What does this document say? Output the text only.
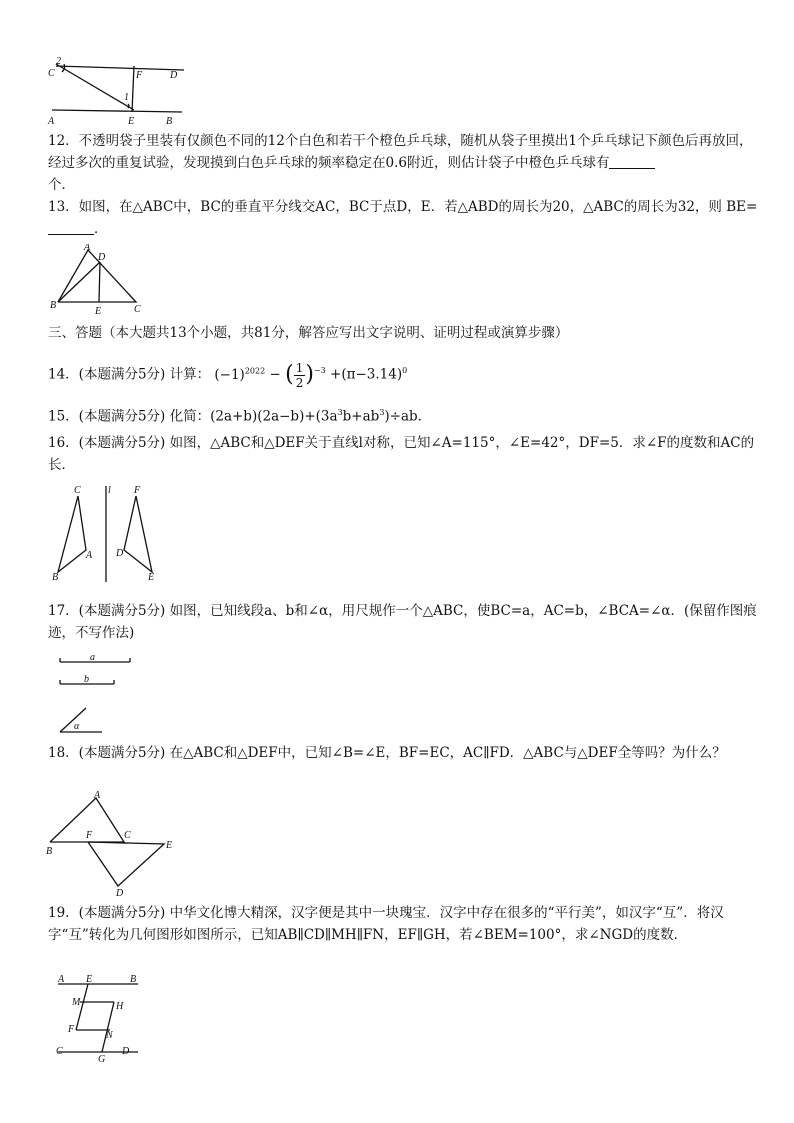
C
2
F	D
1
A	E	B
12．不透明袋子里装有仅颜色不同的12个白色和若干个橙色乒乓球，随机从袋子里摸出1个乒乓球记下颜色后再放回，经过多次的重复试验，发现摸到白色乒乓球的频率稳定在0.6附近，则估计袋子中橙色乒乓球有
个．
13．如图，在△ABC中，BC的垂直平分线交AC，BC于点D，E．若△ABD的周长为20，△ABC的周长为32，则 BE=．
A
D
B
E	C
三、答题（本大题共13个小题，共81分，解答应写出文字说明、证明过程或演算步骤）
14．(本题满分5分) 计算： $(-1)^{2022}$ − ( $\frac{1}{2} )^{-3} +(\pi-3.14)^0$
15．(本题满分5分) 化简：$(2a+b)(2a-b)+(3a^3b+ab^3)\div ab$．
16．(本题满分5分) 如图，△ABC和△DEF关于直线l对称，已知∠A=115°，∠E=42°，DF=5．求∠F的度数和AC的长．
C	l F
A D
B	E
17．(本题满分5分) 如图，已知线段a、b和∠α，用尺规作一个△ABC，使BC=a，AC=b，∠BCA=∠α．(保留作图痕迹，不写作法)
a
b
α
18．(本题满分5分) 在△ABC和△DEF中，已知∠B=∠E，BF=EC，AC∥FD．△ABC与△DEF全等吗？为什么？
A
F	C
B
E
D
19．(本题满分5分) 中华文化博大精深，汉字便是其中一块瑰宝．汉字中存在很多的“平行美”，如汉字“互”．将汉字“互”转化为几何图形如图所示，已知AB∥CD∥MH∥FN，EF∥GH，若∠BEM=100°，求∠NGD的度数．
A E	B
M	H
F
N
C
G
D
